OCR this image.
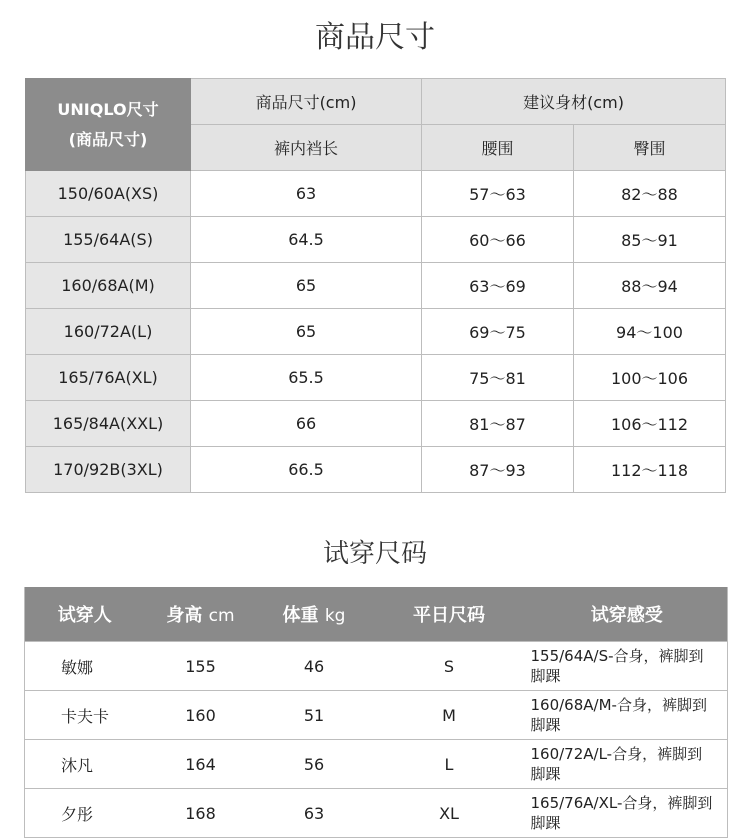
商品尺寸
UNIQLO尺寸
(商品尺寸)	商品尺寸(cm)	建议身材(cm)	
	裤内裆长	腰围	臀围
150/60A(XS)	63	57～63	82～88
155/64A(S)	64.5	60～66	85～91
160/68A(M)	65	63～69	88～94
160/72A(L)	65	69～75	94～100
165/76A(XL)	65.5	75～81	100～106
165/84A(XXL)	66	81～87	106～112
170/92B(3XL)	66.5	87～93	112～118
试穿尺码
试穿人	身高 cm	体重 kg	平日尺码	试穿感受
敏娜	155	46	S	155/64A/S-合身，裤脚到
脚踝

卡夫卡	160	51	M	160/68A/M-合身，裤脚到
脚踝

沐凡	164	56	L	160/72A/L-合身，裤脚到
脚踝

夕彤	168	63	XL	165/76A/XL-合身，裤脚到
脚踝
